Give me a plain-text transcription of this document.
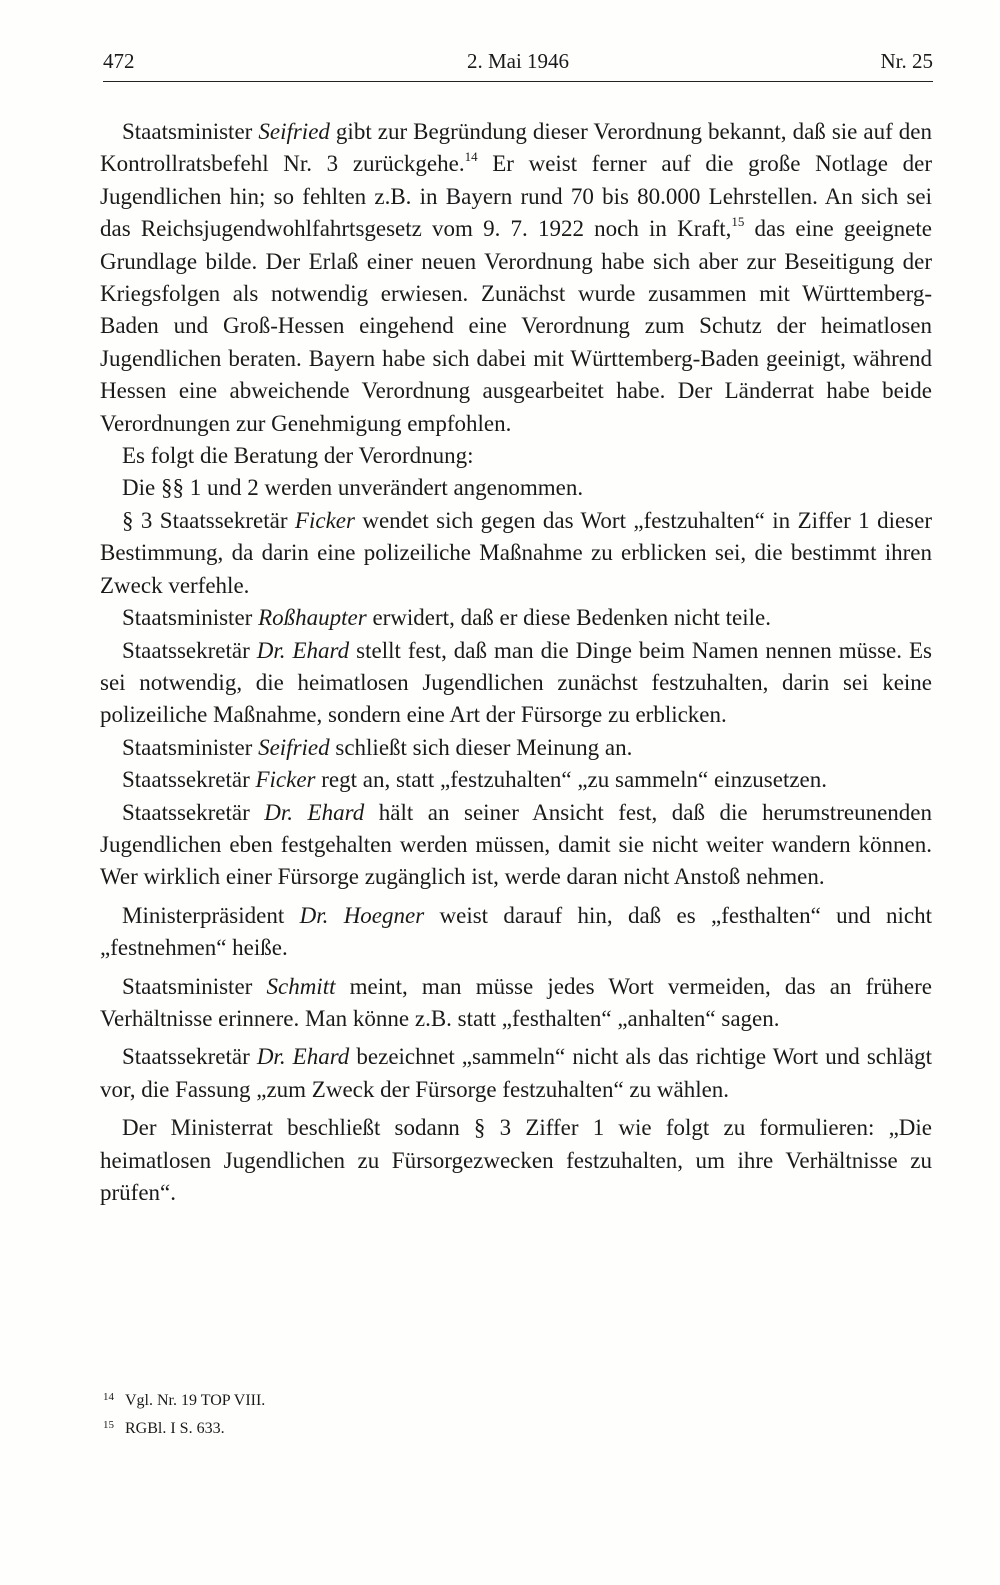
472	2. Mai 1946	Nr. 25

Staatsminister Seifried gibt zur Begründung dieser Verordnung bekannt, daß sie auf den Kontrollratsbefehl Nr. 3 zurückgehe.$^{14}$ Er weist ferner auf die große Notlage der Jugendlichen hin; so fehlten z.B. in Bayern rund 70 bis 80.000 Lehrstellen. An sich sei das Reichsjugendwohlfahrtsgesetz vom 9. 7. 1922 noch in Kraft,$^{15}$ das eine geeignete Grundlage bilde. Der Erlaß einer neuen Verordnung habe sich aber zur Beseitigung der Kriegsfolgen als notwendig erwiesen. Zunächst wurde zusammen mit Württemberg-Baden und Groß-Hessen eingehend eine Verordnung zum Schutz der heimatlosen Jugendlichen beraten. Bayern habe sich dabei mit Württemberg-Baden geeinigt, während Hessen eine abweichende Verordnung ausgearbeitet habe. Der Länderrat habe beide Verordnungen zur Genehmigung empfohlen.

Es folgt die Beratung der Verordnung:

Die §§ 1 und 2 werden unverändert angenommen.

§ 3 Staatssekretär Ficker wendet sich gegen das Wort „festzuhalten“ in Ziffer 1 dieser Bestimmung, da darin eine polizeiliche Maßnahme zu erblicken sei, die bestimmt ihren Zweck verfehle.

Staatsminister Roßhaupter erwidert, daß er diese Bedenken nicht teile.

Staatssekretär Dr. Ehard stellt fest, daß man die Dinge beim Namen nennen müsse. Es sei notwendig, die heimatlosen Jugendlichen zunächst festzuhalten, darin sei keine polizeiliche Maßnahme, sondern eine Art der Fürsorge zu erblicken.

Staatsminister Seifried schließt sich dieser Meinung an.

Staatssekretär Ficker regt an, statt „festzuhalten“ „zu sammeln“ einzusetzen.

Staatssekretär Dr. Ehard hält an seiner Ansicht fest, daß die herumstreunenden Jugendlichen eben festgehalten werden müssen, damit sie nicht weiter wandern können. Wer wirklich einer Fürsorge zugänglich ist, werde daran nicht Anstoß nehmen.

Ministerpräsident Dr. Hoegner weist darauf hin, daß es „festhalten“ und nicht „festnehmen“ heiße.

Staatsminister Schmitt meint, man müsse jedes Wort vermeiden, das an frühere Verhältnisse erinnere. Man könne z.B. statt „festhalten“ „anhalten“ sagen.

Staatssekretär Dr. Ehard bezeichnet „sammeln“ nicht als das richtige Wort und schlägt vor, die Fassung „zum Zweck der Fürsorge festzuhalten“ zu wählen.

Der Ministerrat beschließt sodann § 3 Ziffer 1 wie folgt zu formulieren: „Die heimatlosen Jugendlichen zu Fürsorgezwecken festzuhalten, um ihre Verhältnisse zu prüfen“.

14 Vgl. Nr. 19 TOP VIII.
15 RGBl. I S. 633.
